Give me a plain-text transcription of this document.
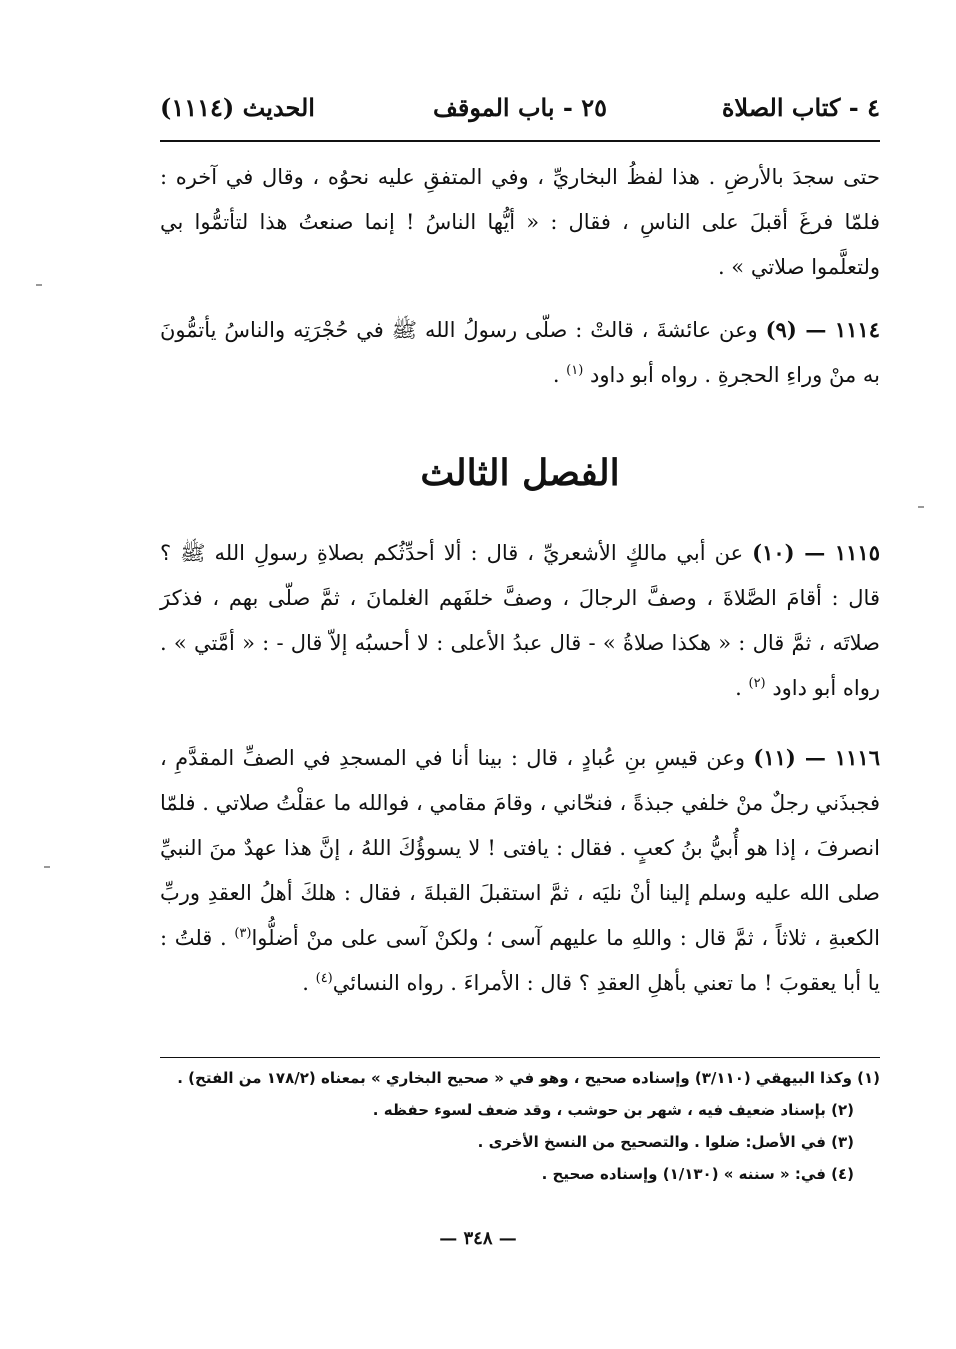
٤ - كتاب الصلاة
٢٥ - باب الموقف
الحديث (١١١٤)

حتى سجدَ بالأرضِ . هذا لفظُ البخاريِّ ، وفي المتفقِ عليه نحوُه ، وقال في آخره : فلمّا فرغَ أقبلَ على الناسِ ، فقال : « أيُّها الناسُ ! إنما صنعتُ هذا لتأتمُّوا بي ولتعلَّموا صلاتي » .

١١١٤ — (٩) وعن عائشةَ ، قالتْ : صلّى رسولُ الله ﷺ في حُجْرَتِه والناسُ يأتمُّونَ به منْ وراءِ الحجرةِ . رواه أبو داود $^{(١)}$ .

الفصل الثالث

١١١٥ — (١٠) عن أبي مالكٍ الأشعريِّ ، قال : ألا أحدِّثُكم بصلاةِ رسولِ الله ﷺ ؟ قال : أقامَ الصَّلاةَ ، وصفَّ الرجالَ ، وصفَّ خلفَهم الغلمانَ ، ثمَّ صلّى بهم ، فذكرَ صلاتَه ، ثمَّ قال : « هكذا صلاةُ » - قال عبدُ الأعلى : لا أحسبُه إلاّ قال - : « أمَّتي » . رواه أبو داود $^{(٢)}$ .

١١١٦ — (١١) وعن قيسِ بنِ عُبادٍ ، قال : بينا أنا في المسجدِ في الصفِّ المقدَّمِ ، فجبذَني رجلٌ منْ خلفي جبذةً ، فنحّاني ، وقامَ مقامي ، فوالله ما عقلْتُ صلاتي . فلمّا انصرفَ ، إذا هو أُبيُّ بنُ كعبٍ . فقال : يافتى ! لا يسوؤُكَ اللهُ ، إنَّ هذا عهدٌ منَ النبيِّ صلى الله عليه وسلم إلينا أنْ نليَه ، ثمَّ استقبلَ القبلةَ ، فقال : هلكَ أهلُ العقدِ وربِّ الكعبةِ ، ثلاثاً ، ثمَّ قال : واللهِ ما عليهم آسى ؛ ولكنْ آسى على منْ أضلُّوا$^{(٣)}$ . قلتُ : يا أبا يعقوبَ ! ما تعني بأهلِ العقدِ ؟ قال : الأمراءَ . رواه النسائي$^{(٤)}$ .

(١) وكذا البيهقي (٣/١١٠) وإسناده صحيح ، وهو في « صحيح البخاري » بمعناه (١٧٨/٢ من الفتح) .

(٢) بإسناد ضعيف فيه ، شهر بن حوشب ، وقد ضعف لسوء حفظه .

(٣) في الأصل: ضلوا . والتصحيح من النسخ الأخرى .

(٤) في: « سننه » (١/١٣٠) وإسناده صحيح .

— ٣٤٨ —
